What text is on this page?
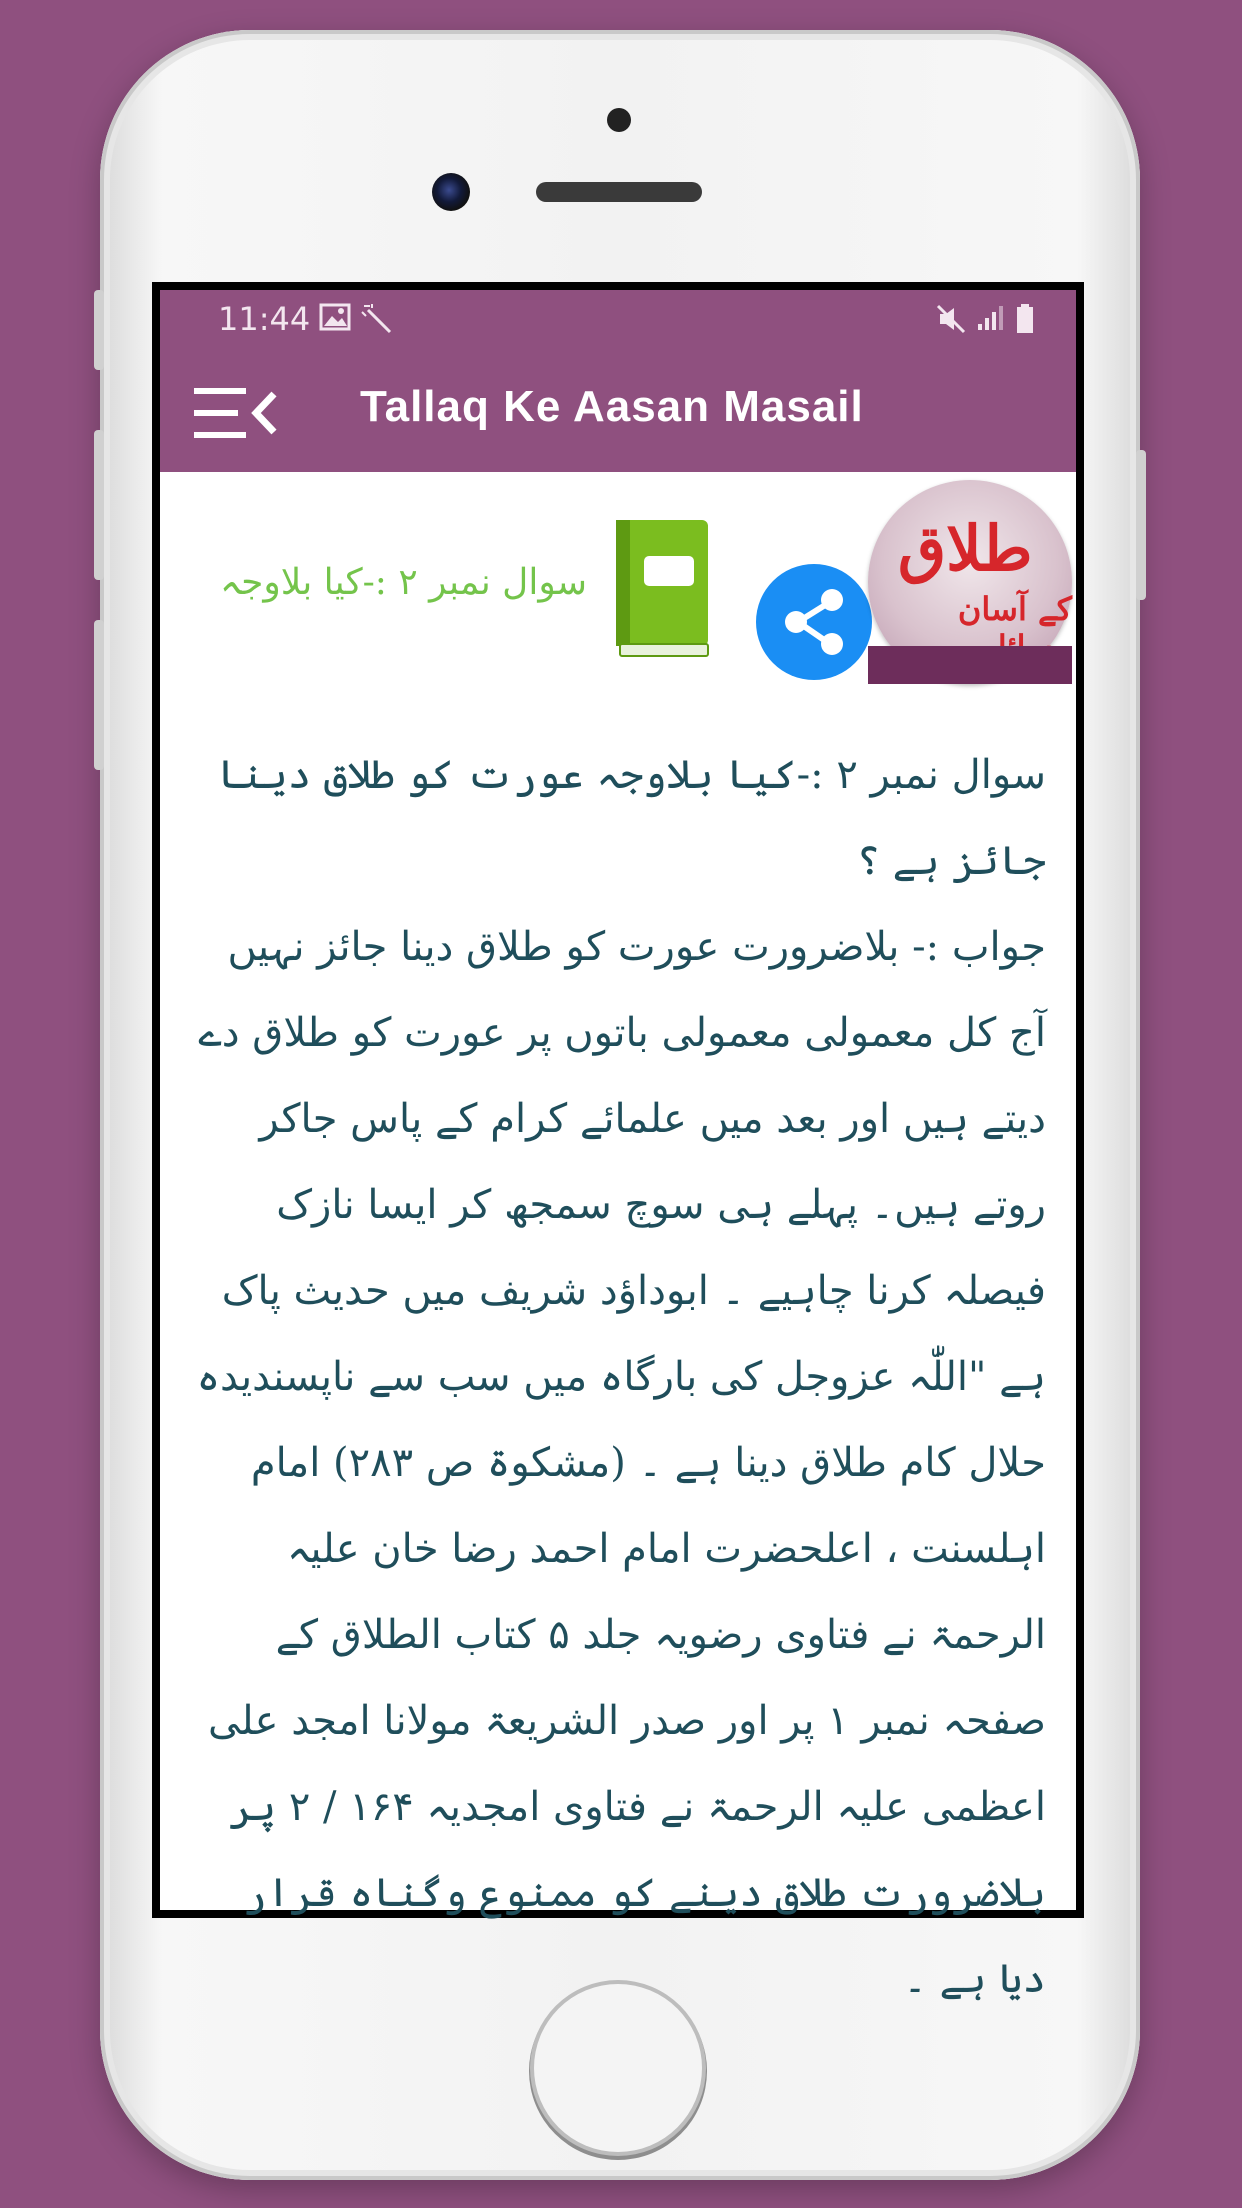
11:44
Tallaq Ke Aasan Masail
سوال نمبر ۲ :-کیا بلاوجہ	طلاق
کے آسان

سوال نمبر ۲ :-کیا بلاوجہ عورت کو طلاق دینا جائز ہے ؟

جواب :- بلاضرورت عورت کو طلاق دینا جائز نہیں آج کل معمولی معمولی باتوں پر عورت کو طلاق دے دیتے ہیں اور بعد میں علمائے کرام کے پاس جاکر روتے ہیں۔ پہلے ہی سوچ سمجھ کر ایسا نازک فیصلہ کرنا چاہیے ۔ ابوداؤد شریف میں حدیث پاک ہے "اللّٰہ عزوجل کی بارگاہ میں سب سے ناپسندیدہ حلال کام طلاق دینا ہے ۔ (مشکوۃ ص ۲۸۳) امام اہلسنت ، اعلحضرت امام احمد رضا خان علیہ الرحمۃ نے فتاوی رضویہ جلد ۵ کتاب الطلاق کے صفحہ نمبر ۱ پر اور صدر الشریعۃ مولانا امجد علی اعظمی علیہ الرحمۃ نے فتاوی امجدیہ ۱۶۴ / ۲ پر بلاضرورت طلاق دینے کو ممنوع وگناہ قرار دیا ہے ۔
